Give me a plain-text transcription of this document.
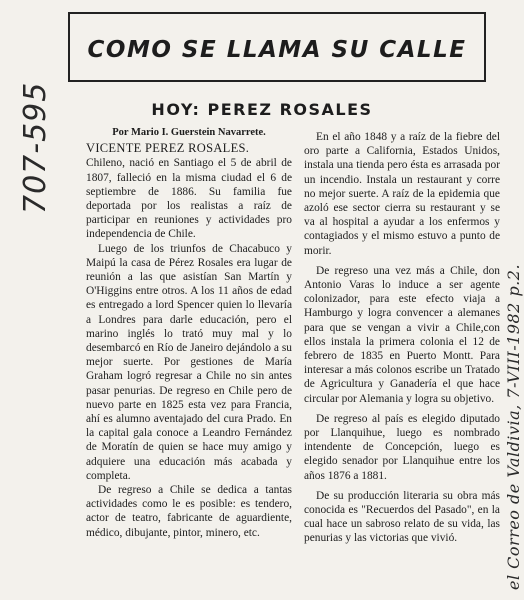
COMO SE LLAMA SU CALLE
HOY: PEREZ ROSALES
Por Mario I. Guerstein Navarrete.

VICENTE PEREZ ROSALES.

Chileno, nació en Santiago el 5 de abril de 1807, falleció en la misma ciudad el 6 de septiembre de 1886. Su familia fue deportada por los realistas a raíz de participar en reuniones y actividades pro independencia de Chile.

Luego de los triunfos de Chacabuco y Maipú la casa de Pérez Rosales era lugar de reunión a las que asistían San Martín y O'Higgins entre otros. A los 11 años de edad es entregado a lord Spencer quien lo llevaría a Londres para darle educación, pero el marino inglés lo trató muy mal y lo desembarcó en Río de Janeiro dejándolo a su mejor suerte. Por gestiones de María Graham logró regresar a Chile no sin antes pasar penurias. De regreso en Chile pero de nuevo parte en 1825 esta vez para Francia, ahí es alumno aventajado del cura Prado. En la capital gala conoce a Leandro Fernández de Moratín de quien se hace muy amigo y adquiere una educación más acabada y completa.

De regreso a Chile se dedica a tantas actividades como le es posible: es tendero, actor de teatro, fabricante de aguardiente, médico, dibujante, pintor, minero, etc.

En el año 1848 y a raíz de la fiebre del oro parte a California, Estados Unidos, instala una tienda pero ésta es arrasada por un incendio. Instala un restaurant y corre no mejor suerte. A raíz de la epidemia que azoló ese sector cierra su restaurant y se va al hospital a ayudar a los enfermos y contagiados y el mismo estuvo a punto de morir.

De regreso una vez más a Chile, don Antonio Varas lo induce a ser agente colonizador, para este efecto viaja a Hamburgo y logra convencer a alemanes para que se vengan a vivir a Chile,con ellos instala la primera colonia el 12 de febrero de 1835 en Puerto Montt. Para interesar a más colonos escribe un Tratado de Agricultura y Ganadería el que hace circular por Alemania y logra su objetivo.

De regreso al país es elegido diputado por Llanquihue, luego es nombrado intendente de Concepción, luego es elegido senador por Llanquihue entre los años 1876 a 1881.

De su producción literaria su obra más conocida es "Recuerdos del Pasado", en la cual hace un sabroso relato de su vida, las penurias y las victorias que vivió.

707-595
el Correo de Valdivia, 7-VIII-1982 p.2.
